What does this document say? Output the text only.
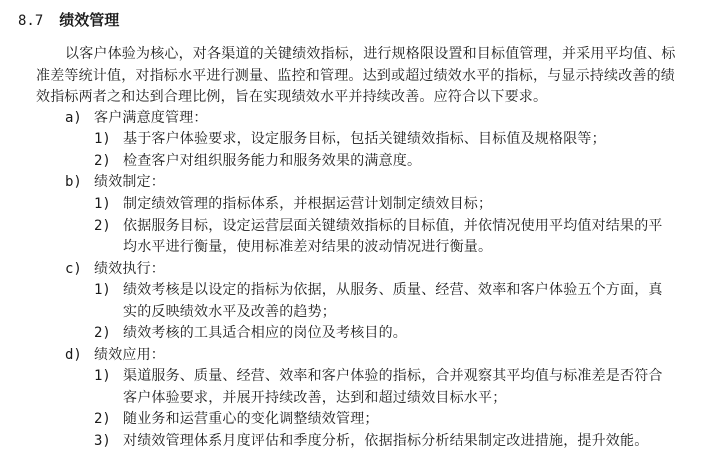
8.7 绩效管理
以客户体验为核心，对各渠道的关键绩效指标，进行规格限设置和目标值管理，并采用平均值、标
准差等统计值，对指标水平进行测量、监控和管理。达到或超过绩效水平的指标，与显示持续改善的绩
效指标两者之和达到合理比例，旨在实现绩效水平并持续改善。应符合以下要求。
a) 客户满意度管理：
1) 基于客户体验要求，设定服务目标，包括关键绩效指标、目标值及规格限等；
2) 检查客户对组织服务能力和服务效果的满意度。
b) 绩效制定：
1) 制定绩效管理的指标体系，并根据运营计划制定绩效目标；
2) 依据服务目标，设定运营层面关键绩效指标的目标值，并依情况使用平均值对结果的平
均水平进行衡量，使用标准差对结果的波动情况进行衡量。
c) 绩效执行：
1) 绩效考核是以设定的指标为依据，从服务、质量、经营、效率和客户体验五个方面，真
实的反映绩效水平及改善的趋势；
2) 绩效考核的工具适合相应的岗位及考核目的。
d) 绩效应用：
1) 渠道服务、质量、经营、效率和客户体验的指标，合并观察其平均值与标准差是否符合
客户体验要求，并展开持续改善，达到和超过绩效目标水平；
2) 随业务和运营重心的变化调整绩效管理；
3) 对绩效管理体系月度评估和季度分析，依据指标分析结果制定改进措施，提升效能。
